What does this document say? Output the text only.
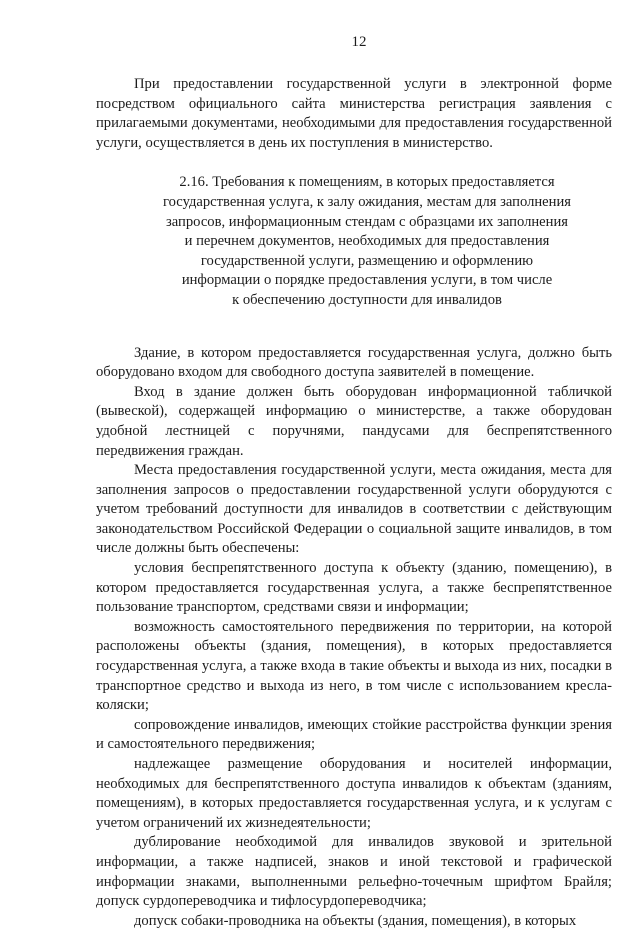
12

При предоставлении государственной услуги в электронной форме посредством официального сайта министерства регистрация заявления с прилагаемыми документами, необходимыми для предоставления государственной услуги, осуществляется в день их поступления в министерство.

2.16. Требования к помещениям, в которых предоставляется
государственная услуга, к залу ожидания, местам для заполнения
запросов, информационным стендам с образцами их заполнения
и перечнем документов, необходимых для предоставления
государственной услуги, размещению и оформлению
информации о порядке предоставления услуги, в том числе
к обеспечению доступности для инвалидов

Здание, в котором предоставляется государственная услуга, должно быть оборудовано входом для свободного доступа заявителей в помещение.

Вход в здание должен быть оборудован информационной табличкой (вывеской), содержащей информацию о министерстве, а также оборудован удобной лестницей с поручнями, пандусами для беспрепятственного передвижения граждан.

Места предоставления государственной услуги, места ожидания, места для заполнения запросов о предоставлении государственной услуги оборудуются с учетом требований доступности для инвалидов в соответствии с действующим законодательством Российской Федерации о социальной защите инвалидов, в том числе должны быть обеспечены:

условия беспрепятственного доступа к объекту (зданию, помещению), в котором предоставляется государственная услуга, а также беспрепятственное пользование транспортом, средствами связи и информации;

возможность самостоятельного передвижения по территории, на которой расположены объекты (здания, помещения), в которых предоставляется государственная услуга, а также входа в такие объекты и выхода из них, посадки в транспортное средство и выхода из него, в том числе с использованием кресла-коляски;

сопровождение инвалидов, имеющих стойкие расстройства функции зрения и самостоятельного передвижения;

надлежащее размещение оборудования и носителей информации, необходимых для беспрепятственного доступа инвалидов к объектам (зданиям, помещениям), в которых предоставляется государственная услуга, и к услугам с учетом ограничений их жизнедеятельности;

дублирование необходимой для инвалидов звуковой и зрительной информации, а также надписей, знаков и иной текстовой и графической информации знаками, выполненными рельефно-точечным шрифтом Брайля; допуск сурдопереводчика и тифлосурдопереводчика;

допуск собаки-проводника на объекты (здания, помещения), в которых
